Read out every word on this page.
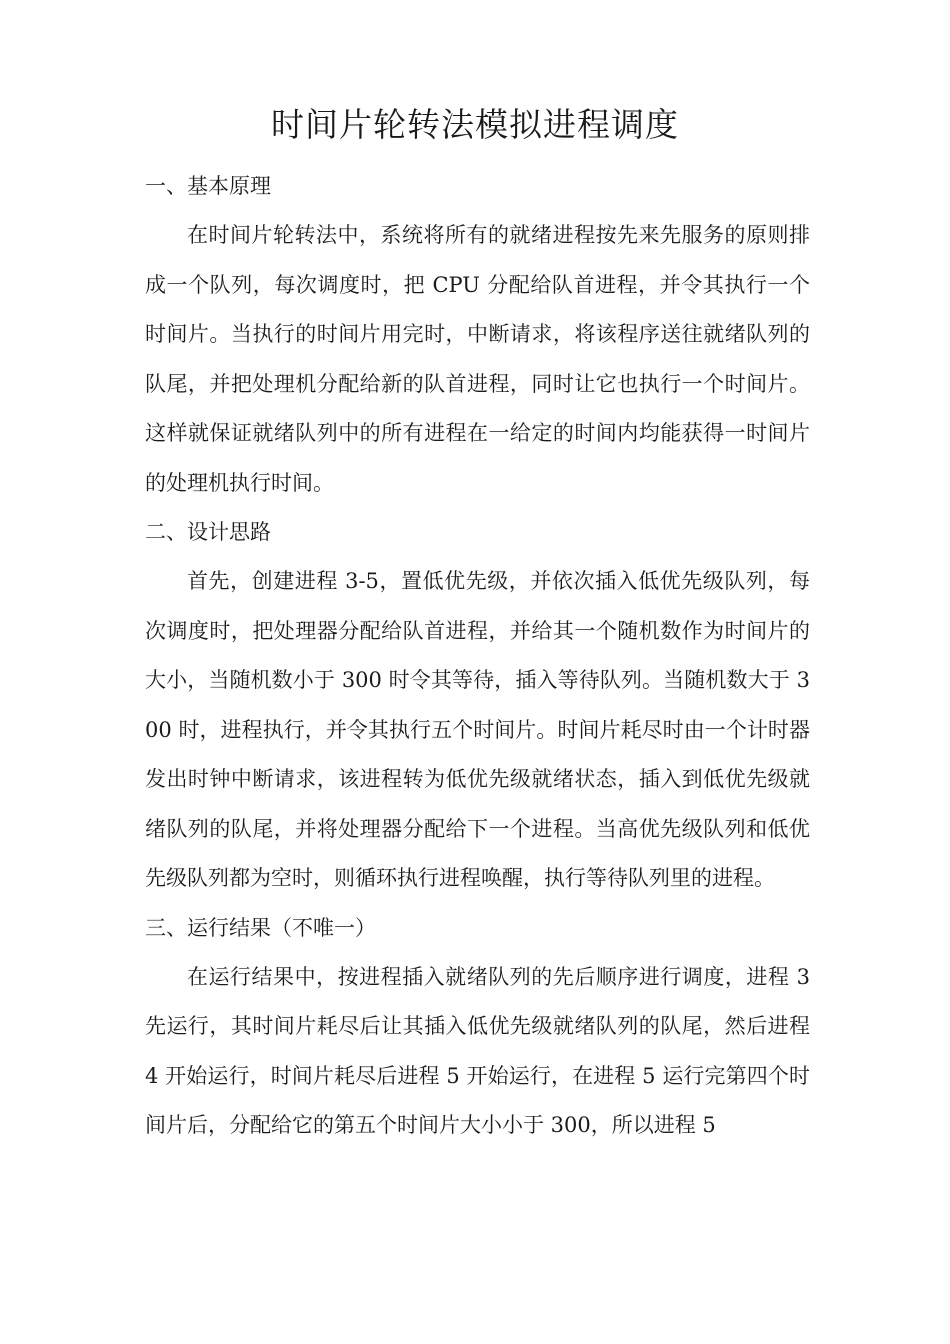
时间片轮转法模拟进程调度
一、基本原理

在时间片轮转法中，系统将所有的就绪进程按先来先服务的原则排成一个队列，每次调度时，把 CPU 分配给队首进程，并令其执行一个时间片。当执行的时间片用完时，中断请求，将该程序送往就绪队列的队尾，并把处理机分配给新的队首进程，同时让它也执行一个时间片。这样就保证就绪队列中的所有进程在一给定的时间内均能获得一时间片的处理机执行时间。

二、设计思路

首先，创建进程 3-5，置低优先级，并依次插入低优先级队列，每次调度时，把处理器分配给队首进程，并给其一个随机数作为时间片的大小，当随机数小于 300 时令其等待，插入等待队列。当随机数大于 300 时，进程执行，并令其执行五个时间片。时间片耗尽时由一个计时器发出时钟中断请求，该进程转为低优先级就绪状态，插入到低优先级就绪队列的队尾，并将处理器分配给下一个进程。当高优先级队列和低优先级队列都为空时，则循环执行进程唤醒，执行等待队列里的进程。

三、运行结果（不唯一）

在运行结果中，按进程插入就绪队列的先后顺序进行调度，进程 3 先运行，其时间片耗尽后让其插入低优先级就绪队列的队尾，然后进程 4 开始运行，时间片耗尽后进程 5 开始运行，在进程 5 运行完第四个时间片后，分配给它的第五个时间片大小小于 300，所以进程 5
